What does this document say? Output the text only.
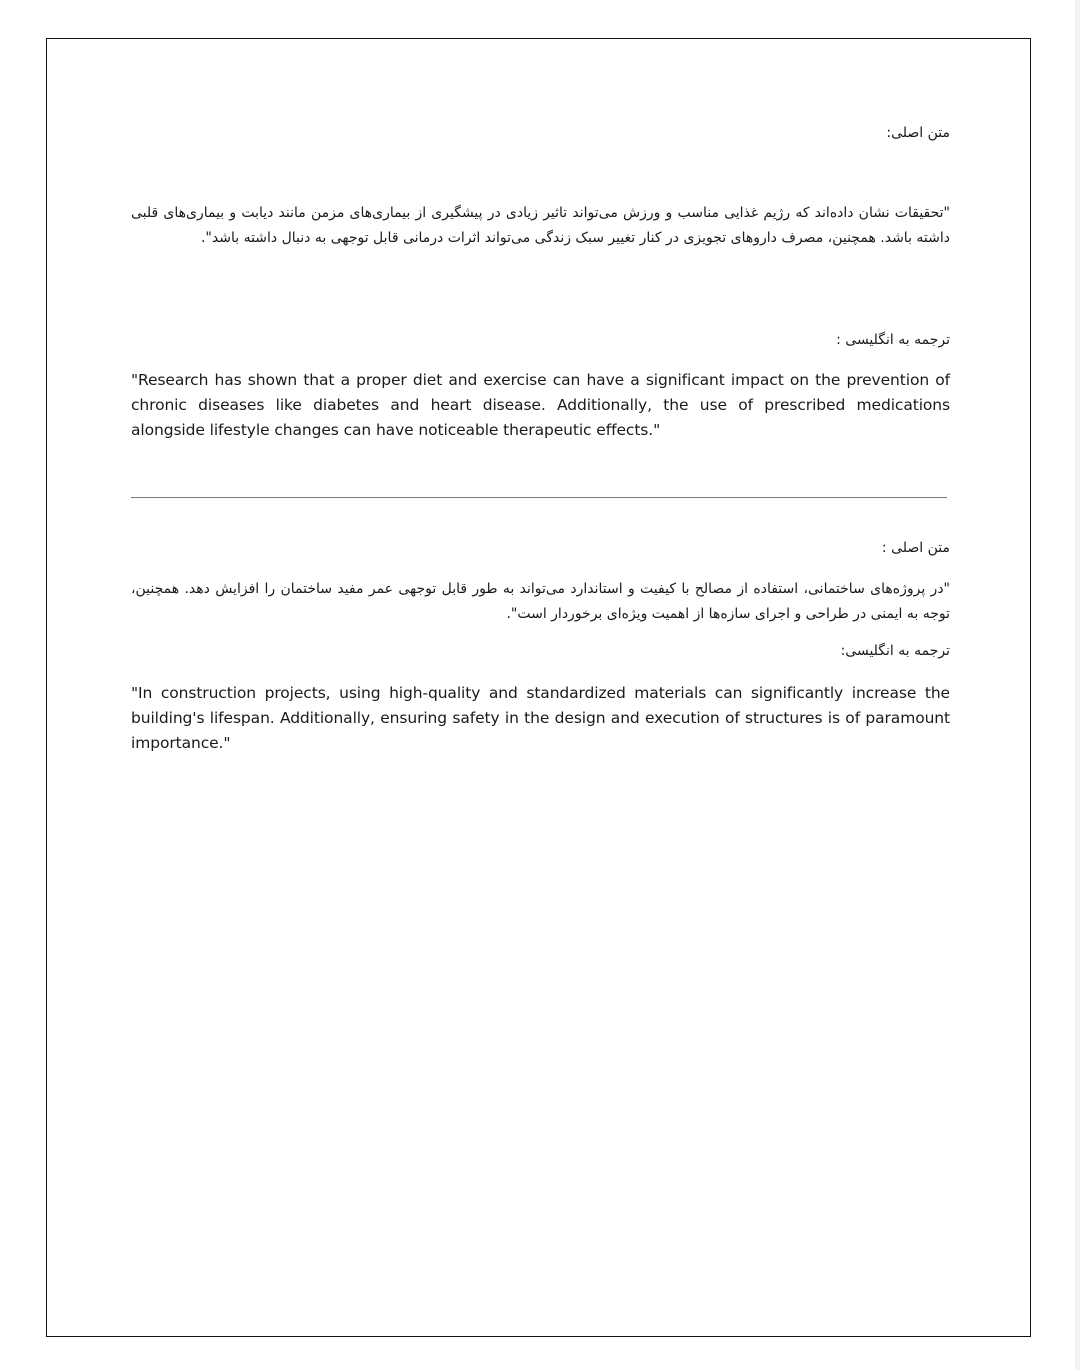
متن اصلی:
"تحقیقات نشان داده‌اند که رژیم غذایی مناسب و ورزش می‌تواند تاثیر زیادی در پیشگیری از بیماری‌های مزمن مانند دیابت و بیماری‌های قلبی داشته باشد. همچنین، مصرف داروهای تجویزی در کنار تغییر سبک زندگی می‌تواند اثرات درمانی قابل توجهی به دنبال داشته باشد".
ترجمه به انگلیسی :
"Research has shown that a proper diet and exercise can have a significant impact on the prevention of chronic diseases like diabetes and heart disease. Additionally, the use of prescribed medications alongside lifestyle changes can have noticeable therapeutic effects."
متن اصلی :
"در پروژه‌های ساختمانی، استفاده از مصالح با کیفیت و استاندارد می‌تواند به طور قابل توجهی عمر مفید ساختمان را افزایش دهد. همچنین، توجه به ایمنی در طراحی و اجرای سازه‌ها از اهمیت ویژه‌ای برخوردار است".
ترجمه به انگلیسی:
"In construction projects, using high-quality and standardized materials can significantly increase the building's lifespan. Additionally, ensuring safety in the design and execution of structures is of paramount importance."
